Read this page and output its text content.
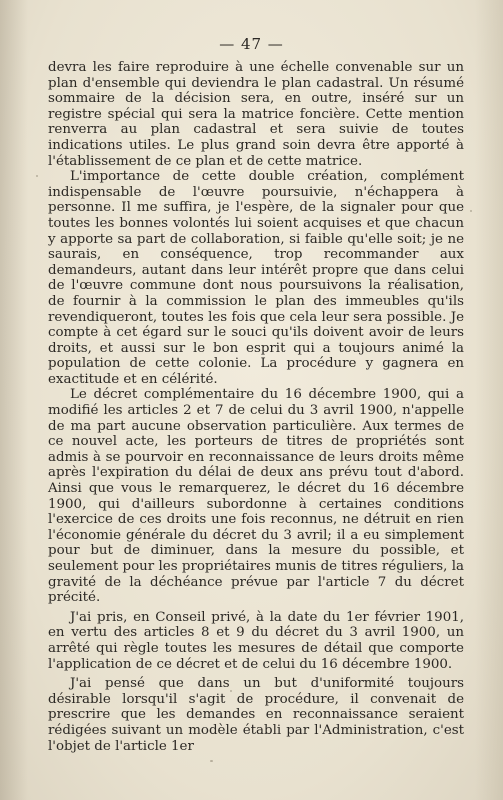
— 47 —

devra les faire reproduire à une échelle convenable sur un plan d'ensemble qui deviendra le plan cadastral. Un résumé sommaire de la décision sera, en outre, inséré sur un registre spécial qui sera la matrice foncière. Cette mention renverra au plan cadastral et sera suivie de toutes indications utiles. Le plus grand soin devra être apporté à l'établissement de ce plan et de cette matrice.

L'importance de cette double création, complément indispensable de l'œuvre poursuivie, n'échappera à personne. Il me suffira, je l'espère, de la signaler pour que toutes les bonnes volontés lui soient acquises et que chacun y apporte sa part de collaboration, si faible qu'elle soit; je ne saurais, en conséquence, trop recommander aux demandeurs, autant dans leur intérêt propre que dans celui de l'œuvre commune dont nous poursuivons la réalisation, de fournir à la commission le plan des immeubles qu'ils revendiqueront, toutes les fois que cela leur sera possible. Je compte à cet égard sur le souci qu'ils doivent avoir de leurs droits, et aussi sur le bon esprit qui a toujours animé la population de cette colonie. La procédure y gagnera en exactitude et en célérité.

Le décret complémentaire du 16 décembre 1900, qui a modifié les articles 2 et 7 de celui du 3 avril 1900, n'appelle de ma part aucune observation particulière. Aux termes de ce nouvel acte, les porteurs de titres de propriétés sont admis à se pourvoir en reconnaissance de leurs droits même après l'expiration du délai de deux ans prévu tout d'abord. Ainsi que vous le remarquerez, le décret du 16 décembre 1900, qui d'ailleurs subordonne à certaines conditions l'exercice de ces droits une fois reconnus, ne détruit en rien l'économie générale du décret du 3 avril; il a eu simplement pour but de diminuer, dans la mesure du possible, et seulement pour les propriétaires munis de titres réguliers, la gravité de la déchéance prévue par l'article 7 du décret précité.

J'ai pris, en Conseil privé, à la date du 1er février 1901, en vertu des articles 8 et 9 du décret du 3 avril 1900, un arrêté qui règle toutes les mesures de détail que comporte l'application de ce décret et de celui du 16 décembre 1900.

J'ai pensé que dans un but d'uniformité toujours désirable lorsqu'il s'agit de procédure, il convenait de prescrire que les demandes en reconnaissance seraient rédigées suivant un modèle établi par l'Administration, c'est l'objet de l'article 1er
